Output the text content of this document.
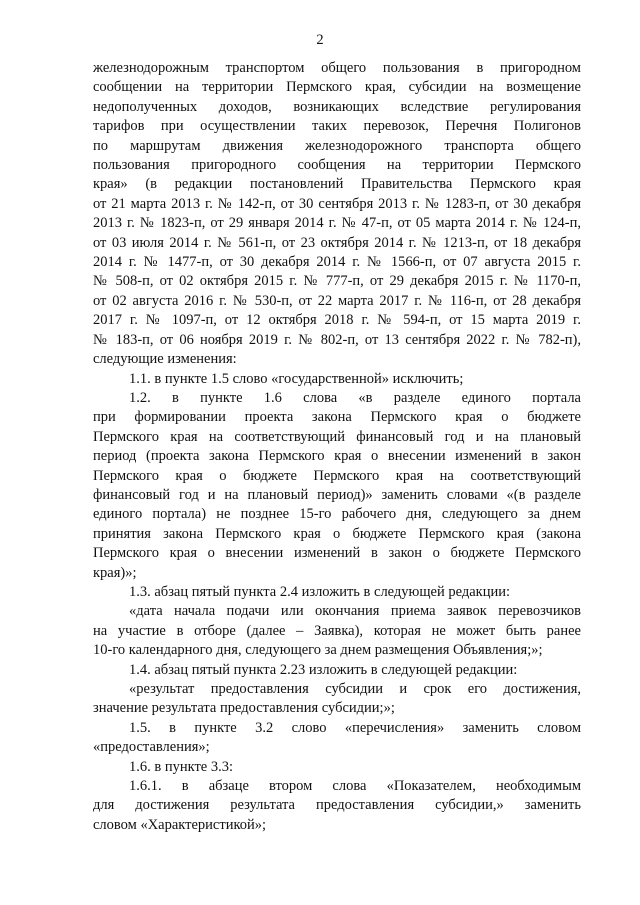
2

железнодорожным транспортом общего пользования в пригородном

сообщении на территории Пермского края, субсидии на возмещение

недополученных доходов, возникающих вследствие регулирования

тарифов при осуществлении таких перевозок, Перечня Полигонов

по маршрутам движения железнодорожного транспорта общего

пользования пригородного сообщения на территории Пермского

края» (в редакции постановлений Правительства Пермского края

от 21 марта 2013 г. № 142-п, от 30 сентября 2013 г. № 1283-п, от 30 декабря

2013 г. № 1823-п, от 29 января 2014 г. № 47-п, от 05 марта 2014 г. № 124-п,

от 03 июля 2014 г. № 561-п, от 23 октября 2014 г. № 1213-п, от 18 декабря

2014 г. № 1477-п, от 30 декабря 2014 г. № 1566-п, от 07 августа 2015 г.

№ 508-п, от 02 октября 2015 г. № 777-п, от 29 декабря 2015 г. № 1170-п,

от 02 августа 2016 г. № 530-п, от 22 марта 2017 г. № 116-п, от 28 декабря

2017 г. № 1097-п, от 12 октября 2018 г. № 594-п, от 15 марта 2019 г.

№ 183-п, от 06 ноября 2019 г. № 802-п, от 13 сентября 2022 г. № 782-п),

следующие изменения:

1.1. в пункте 1.5 слово «государственной» исключить;

1.2. в пункте 1.6 слова «в разделе единого портала

при формировании проекта закона Пермского края о бюджете

Пермского края на соответствующий финансовый год и на плановый

период (проекта закона Пермского края о внесении изменений в закон

Пермского края о бюджете Пермского края на соответствующий

финансовый год и на плановый период)» заменить словами «(в разделе

единого портала) не позднее 15-го рабочего дня, следующего за днем

принятия закона Пермского края о бюджете Пермского края (закона

Пермского края о внесении изменений в закон о бюджете Пермского

края)»;

1.3. абзац пятый пункта 2.4 изложить в следующей редакции:

«дата начала подачи или окончания приема заявок перевозчиков

на участие в отборе (далее – Заявка), которая не может быть ранее

10-го календарного дня, следующего за днем размещения Объявления;»;

1.4. абзац пятый пункта 2.23 изложить в следующей редакции:

«результат предоставления субсидии и срок его достижения,

значение результата предоставления субсидии;»;

1.5. в пункте 3.2 слово «перечисления» заменить словом

«предоставления»;

1.6. в пункте 3.3:

1.6.1. в абзаце втором слова «Показателем, необходимым

для достижения результата предоставления субсидии,» заменить

словом «Характеристикой»;
